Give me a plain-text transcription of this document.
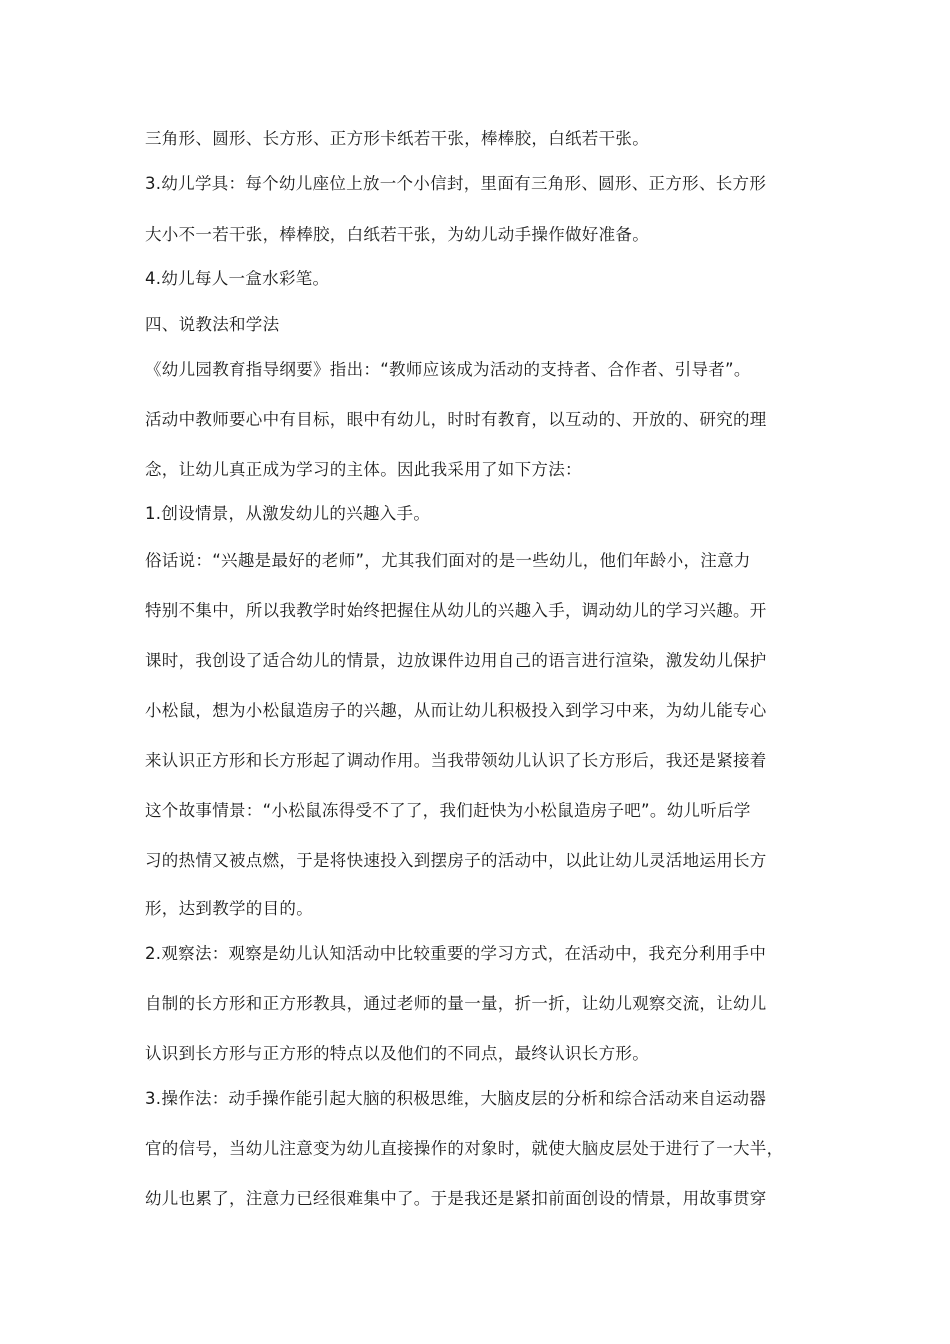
三角形、圆形、长方形、正方形卡纸若干张，棒棒胶，白纸若干张。
3.幼儿学具：每个幼儿座位上放一个小信封，里面有三角形、圆形、正方形、长方形
大小不一若干张，棒棒胶，白纸若干张，为幼儿动手操作做好准备。
4.幼儿每人一盒水彩笔。
四、说教法和学法
《幼儿园教育指导纲要》指出：“教师应该成为活动的支持者、合作者、引导者”。
活动中教师要心中有目标，眼中有幼儿，时时有教育，以互动的、开放的、研究的理
念，让幼儿真正成为学习的主体。因此我采用了如下方法：
1.创设情景，从激发幼儿的兴趣入手。
俗话说：“兴趣是最好的老师”，尤其我们面对的是一些幼儿，他们年龄小，注意力
特别不集中，所以我教学时始终把握住从幼儿的兴趣入手，调动幼儿的学习兴趣。开
课时，我创设了适合幼儿的情景，边放课件边用自己的语言进行渲染，激发幼儿保护
小松鼠，想为小松鼠造房子的兴趣，从而让幼儿积极投入到学习中来，为幼儿能专心
来认识正方形和长方形起了调动作用。当我带领幼儿认识了长方形后，我还是紧接着
这个故事情景：“小松鼠冻得受不了了，我们赶快为小松鼠造房子吧”。幼儿听后学
习的热情又被点燃，于是将快速投入到摆房子的活动中，以此让幼儿灵活地运用长方
形，达到教学的目的。
2.观察法：观察是幼儿认知活动中比较重要的学习方式，在活动中，我充分利用手中
自制的长方形和正方形教具，通过老师的量一量，折一折，让幼儿观察交流，让幼儿
认识到长方形与正方形的特点以及他们的不同点，最终认识长方形。
3.操作法：动手操作能引起大脑的积极思维，大脑皮层的分析和综合活动来自运动器
官的信号，当幼儿注意变为幼儿直接操作的对象时，就使大脑皮层处于进行了一大半，
幼儿也累了，注意力已经很难集中了。于是我还是紧扣前面创设的情景，用故事贯穿
